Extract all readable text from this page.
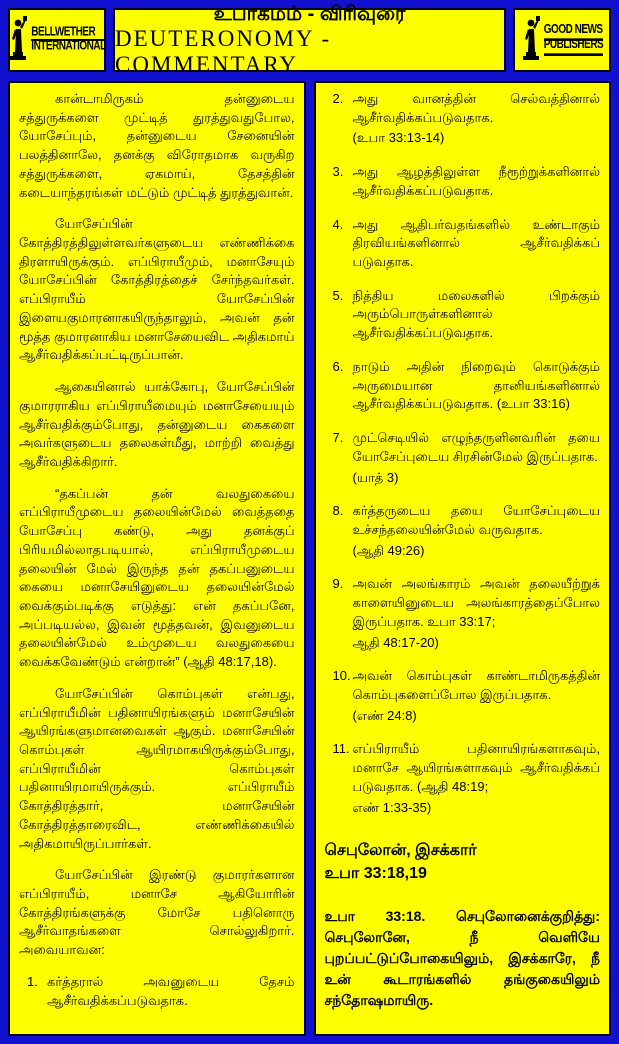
BELLWETHER
INTERNATIONAL
உபாகமம் - விரிவுரை
DEUTERONOMY - COMMENTARY
GOOD NEWS
PUBLISHERS

கான்டாமிருகம் தன்னுடைய சத்துருக்களை முட்டித் துரத்துவதுபோல, யோசேப்பும், தன்னுடைய சேனையின் பலத்தினாலே, தனக்கு விரோதமாக வருகிற சத்துருக்களை, ஏகமாய், தேசத்தின் கடையாந்தரங்கள் மட்டும் முட்டித் துரத்துவான்.

யோசேப்பின் கோத்திரத்திலுள்ளவர்களுடைய எண்ணிக்கை திரளாயிருக்கும். எப்பிராயீமும், மனாசேயும் யோசேப்பின் கோத்திரத்தைச் சேர்ந்தவர்கள். எப்பிராயீம் யோசேப்பின் இளையகுமாரனாகயிருந்தாலும், அவன் தன் மூத்த குமாரனாகிய மனாசேயைவிட அதிகமாய் ஆசீர்வதிக்கப்பட்டிருப்பான்.

ஆகையினால் யாக்கோபு, யோசேப்பின் குமாரராகிய எப்பிராயீமையும் மனாசேயையும் ஆசீர்வதிக்கும்போது, தன்னுடைய கைகளை அவர்களுடைய தலைகள்மீது, மாற்றி வைத்து ஆசீர்வதிக்கிறார்.

“தகப்பன் தன் வலதுகையை எப்பிராயீமுடைய தலையின்மேல் வைத்ததை யோசேப்பு கண்டு, அது தனக்குப் பிரியமில்லாதபடியால், எப்பிராயீமுடைய தலையின் மேல் இருந்த தன் தகப்பனுடைய கையை மனாசேயினுடைய தலையின்மேல் வைக்கும்படிக்கு எடுத்து: என் தகப்பனே, அப்படியல்ல, இவன் மூத்தவன், இவனுடைய தலையின்மேல் உம்முடைய வலதுகையை வைக்கவேண்டும் என்றான்” (ஆதி 48:17,18).

யோசேப்பின் கொம்புகள் என்பது, எப்பிராயீமின் பதினாயிரங்களும் மனாசேயின் ஆயிரங்களுமானவைகள் ஆகும். மனாசேயின் கொம்புகள் ஆயிரமாகயிருக்கும்போது, எப்பிராயீமின் கொம்புகள் பதினாயிரமாயிருக்கும். எப்பிராயீம் கோத்திரத்தார், மனாசேயின் கோத்திரத்தாரைவிட, எண்ணிக்கையில் அதிகமாயிருப்பார்கள்.

யோசேப்பின் இரண்டு குமாரர்களான எப்பிராயீம், மனாசே ஆகியோரின் கோத்திரங்களுக்கு மோசே பதினொரு ஆசீர்வாதங்களை சொல்லுகிறார். அவையாவன:

1. கர்த்தரால் அவனுடைய தேசம் ஆசீர்வதிக்கப்படுவதாக.
2. அது வானத்தின் செல்வத்தினால் ஆசீர்வதிக்கப்படுவதாக.
(உபா 33:13-14)
3. அது ஆழத்திலுள்ள நீரூற்றுக்களினால் ஆசீர்வதிக்கப்படுவதாக.
4. அது ஆதிபர்வதங்களில் உண்டாகும் திரவியங்களினால் ஆசீர்வதிக்கப் படுவதாக.
5. நித்திய மலைகளில் பிறக்கும் அரும்பொருள்களினால் ஆசீர்வதிக்கப்படுவதாக.
6. நாடும் அதின் நிறைவும் கொடுக்கும் அருமையான தானியங்களினால் ஆசீர்வதிக்கப்படுவதாக. (உபா 33:16)
7. முட்செடியில் எழுந்தருளினவரின் தயை யோசேப்புடைய சிரசின்மேல் இருப்பதாக.
(யாத் 3)
8. கர்த்தருடைய தயை யோசேப்புடைய உச்சந்தலையின்மேல் வருவதாக.
(ஆதி 49:26)
9. அவன் அலங்காரம் அவன் தலையீற்றுக் காளையினுடைய அலங்காரத்தைப்போல இருப்பதாக. உபா 33:17;
ஆதி 48:17-20)
10. அவன் கொம்புகள் காண்டாமிருகத்தின் கொம்புகளைப்போல இருப்பதாக.
(எண் 24:8)
11. எப்பிராயீம் பதினாயிரங்களாகவும், மனாசே ஆயிரங்களாகவும் ஆசீர்வதிக்கப் படுவதாக. (ஆதி 48:19;
எண் 1:33-35)
செபுலோன், இசக்கார்
உபா 33:18,19
உபா 33:18. செபுலோனைக்குறித்து: செபுலோனே, நீ வெளியே புறப்பட்டுப்போகையிலும், இசக்காரே, நீ உன் கூடாரங்களில் தங்குகையிலும் சந்தோஷமாயிரு.
